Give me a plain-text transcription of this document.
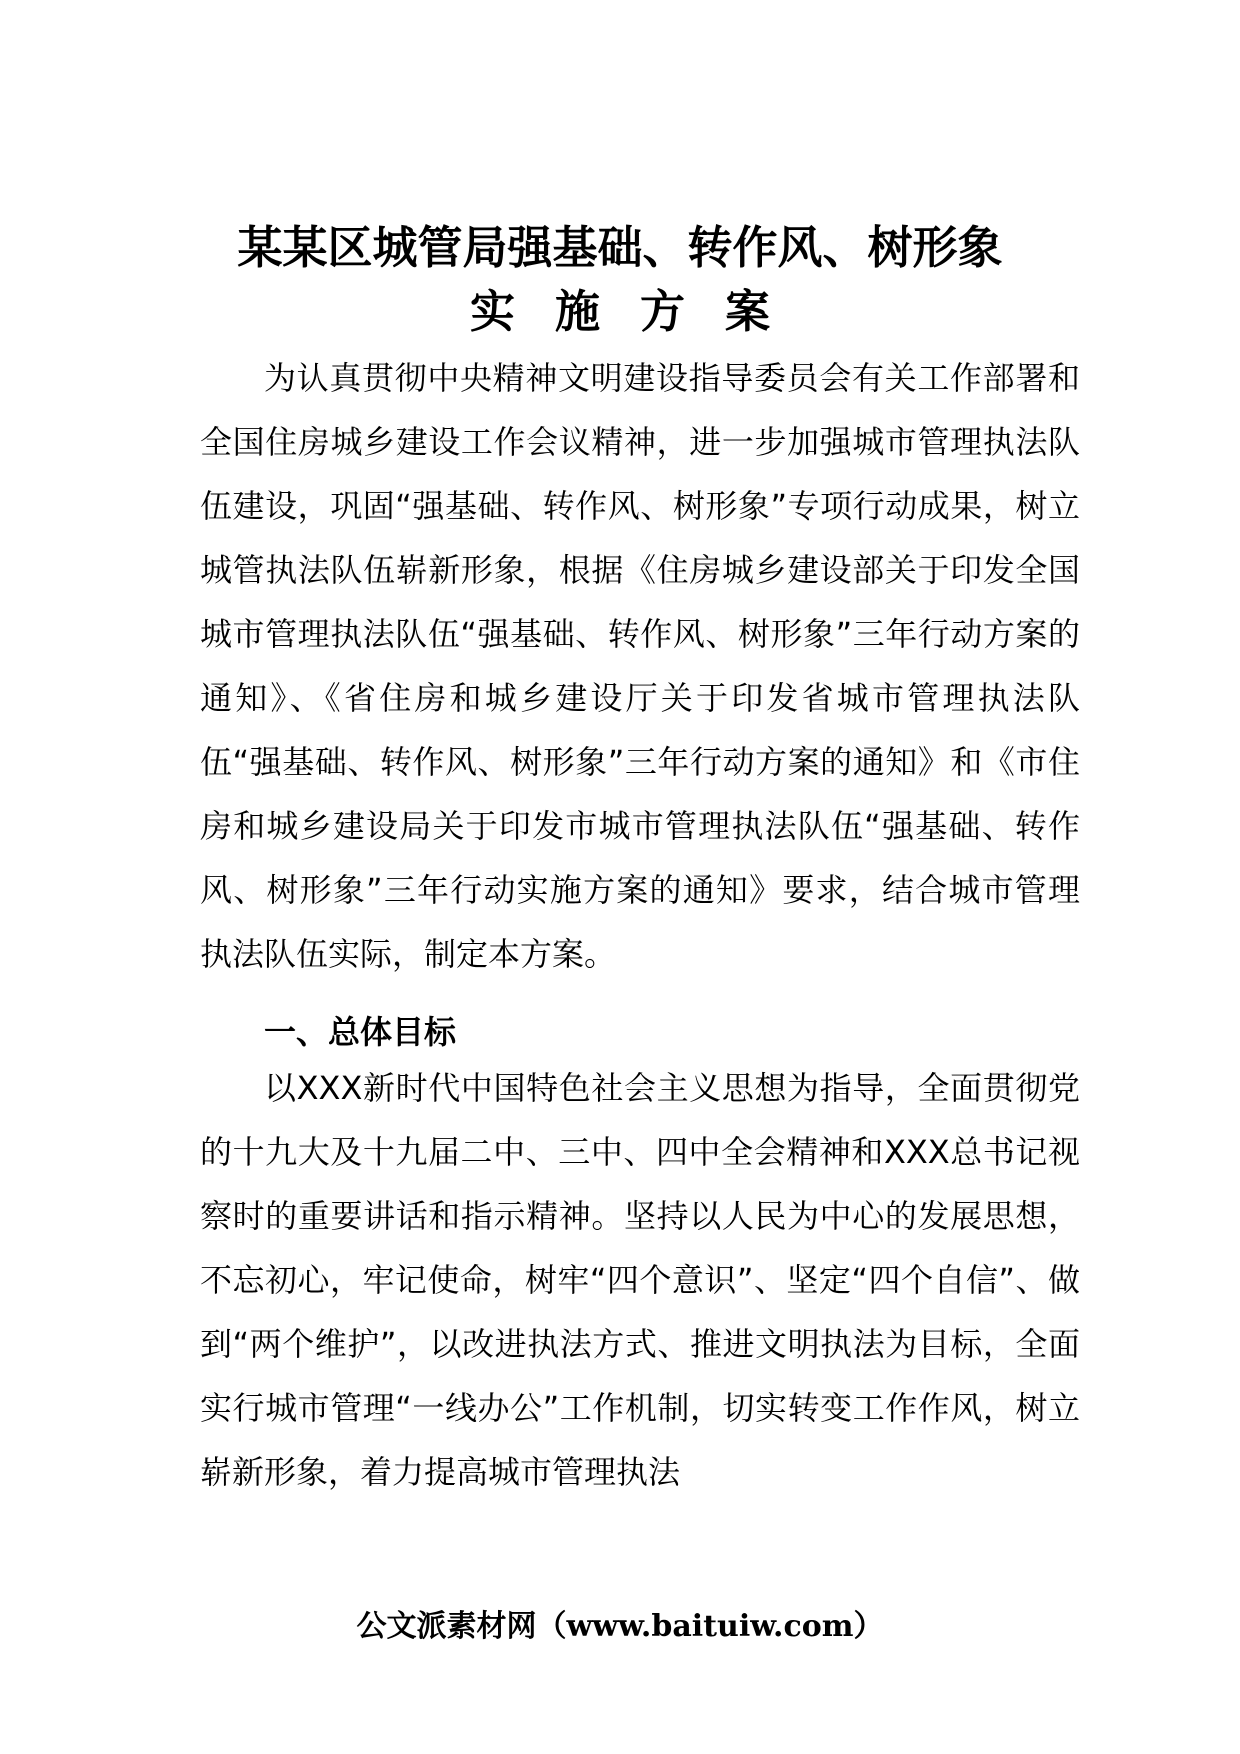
某某区城管局强基础、转作风、树形象
实施方案

为认真贯彻中央精神文明建设指导委员会有关工作部署和全国住房城乡建设工作会议精神，进一步加强城市管理执法队伍建设，巩固“强基础、转作风、树形象”专项行动成果，树立城管执法队伍崭新形象，根据《住房城乡建设部关于印发全国城市管理执法队伍“强基础、转作风、树形象”三年行动方案的通知》、《省住房和城乡建设厅关于印发省城市管理执法队伍“强基础、转作风、树形象”三年行动方案的通知》和《市住房和城乡建设局关于印发市城市管理执法队伍“强基础、转作风、树形象”三年行动实施方案的通知》要求，结合城市管理执法队伍实际，制定本方案。

一、总体目标

以XXX新时代中国特色社会主义思想为指导，全面贯彻党的十九大及十九届二中、三中、四中全会精神和XXX总书记视察时的重要讲话和指示精神。坚持以人民为中心的发展思想，不忘初心，牢记使命，树牢“四个意识”、坚定“四个自信”、做到“两个维护”，以改进执法方式、推进文明执法为目标，全面实行城市管理“一线办公”工作机制，切实转变工作作风，树立崭新形象，着力提高城市管理执法

公文派素材网（www.baituiw.com）
